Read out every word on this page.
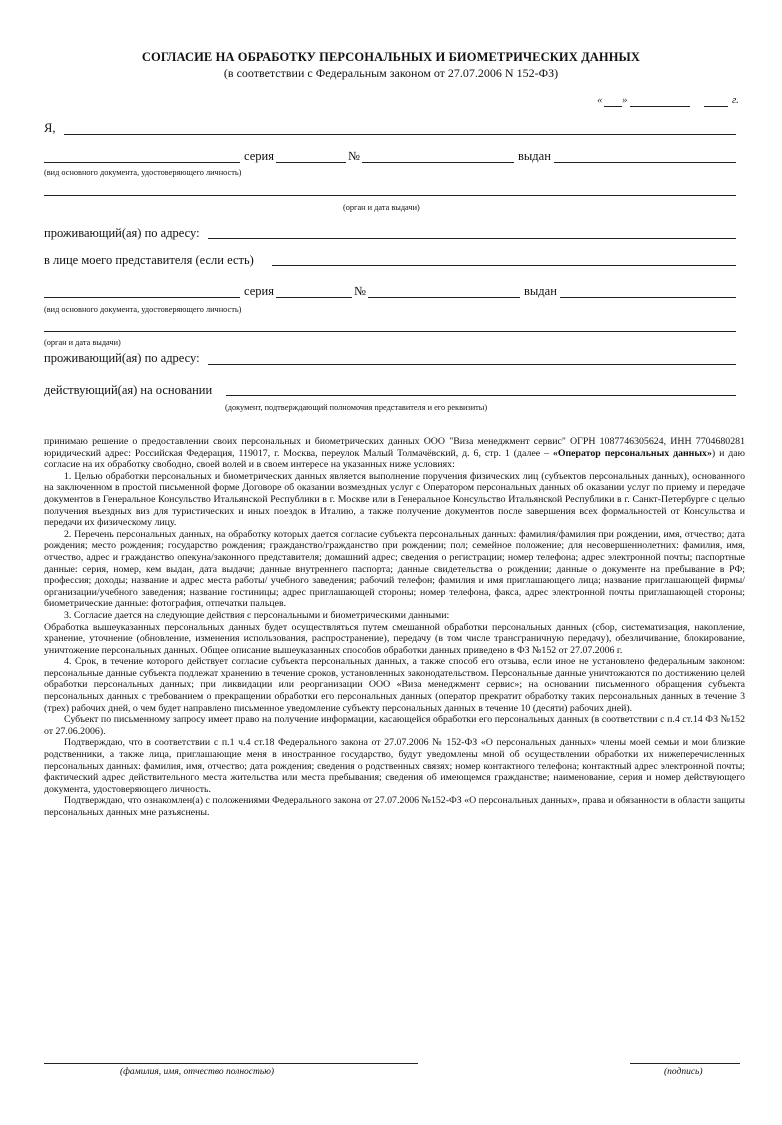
СОГЛАСИЕ НА ОБРАБОТКУ ПЕРСОНАЛЬНЫХ И БИОМЕТРИЧЕСКИХ ДАННЫХ
(в соответствии с Федеральным законом от 27.07.2006 N 152-ФЗ)
« »	г.
Я,
серия	№	выдан
(вид основного документа, удостоверяющего личность)
(орган и дата выдачи)
проживающий(ая) по адресу:
в лице моего представителя (если есть)
серия	№	выдан
(вид основного документа, удостоверяющего личность)
(орган и дата выдачи)
проживающий(ая) по адресу:
действующий(ая) на основании
(документ, подтверждающий полномочия представителя и его реквизиты)

принимаю решение о предоставлении своих персональных и биометрических данных ООО "Виза менеджмент сервис" ОГРН 1087746305624, ИНН 7704680281 юридический адрес: Российская Федерация, 119017, г. Москва, переулок Малый Толмачёвский, д. 6, стр. 1 (далее – «Оператор персональных данных») и даю согласие на их обработку свободно, своей волей и в своем интересе на указанных ниже условиях:

1. Целью обработки персональных и биометрических данных является выполнение поручения физических лиц (субъектов персональных данных), основанного на заключенном в простой письменной форме Договоре об оказании возмездных услуг с Оператором персональных данных об оказании услуг по приему и передаче документов в Генеральное Консульство Итальянской Республики в г. Москве или в Генеральное Консульство Итальянской Республики в г. Санкт-Петербурге с целью получения въездных виз для туристических и иных поездок в Италию, а также получение документов после завершения всех формальностей от Консульства и передачи их физическому лицу.

2. Перечень персональных данных, на обработку которых дается согласие субъекта персональных данных: фамилия/фамилия при рождении, имя, отчество; дата рождения; место рождения; государство рождения; гражданство/гражданство при рождении; пол; семейное положение; для несовершеннолетних: фамилия, имя, отчество, адрес и гражданство опекуна/законного представителя; домашний адрес; сведения о регистрации; номер телефона; адрес электронной почты; паспортные данные: серия, номер, кем выдан, дата выдачи; данные внутреннего паспорта; данные свидетельства о рождении; данные о документе на пребывание в РФ; профессия; доходы; название и адрес места работы/ учебного заведения; рабочий телефон; фамилия и имя приглашающего лица; название приглашающей фирмы/организации/учебного заведения; название гостиницы; адрес приглашающей стороны; номер телефона, факса, адрес электронной почты приглашающей стороны; биометрические данные: фотография, отпечатки пальцев.

3. Согласие дается на следующие действия с персональными и биометрическими данными:

Обработка вышеуказанных персональных данных будет осуществляться путем смешанной обработки персональных данных (сбор, систематизация, накопление, хранение, уточнение (обновление, изменения использования, распространение), передачу (в том числе трансграничную передачу), обезличивание, блокирование, уничтожение персональных данных. Общее описание вышеуказанных способов обработки данных приведено в ФЗ №152 от 27.07.2006 г.

4. Срок, в течение которого действует согласие субъекта персональных данных, а также способ его отзыва, если иное не установлено федеральным законом: персональные данные субъекта подлежат хранению в течение сроков, установленных законодательством. Персональные данные уничтожаются по достижению целей обработки персональных данных; при ликвидации или реорганизации ООО «Виза менеджмент сервис»; на основании письменного обращения субъекта персональных данных с требованием о прекращении обработки его персональных данных (оператор прекратит обработку таких персональных данных в течение 3 (трех) рабочих дней, о чем будет направлено письменное уведомление субъекту персональных данных в течение 10 (десяти) рабочих дней).

Субъект по письменному запросу имеет право на получение информации, касающейся обработки его персональных данных (в соответствии с п.4 ст.14 ФЗ №152 от 27.06.2006).

Подтверждаю, что в соответствии с п.1 ч.4 ст.18 Федерального закона от 27.07.2006 № 152-ФЗ «О персональных данных» члены моей семьи и мои близкие родственники, а также лица, приглашающие меня в иностранное государство, будут уведомлены мной об осуществлении обработки их нижеперечисленных персональных данных: фамилия, имя, отчество; дата рождения; сведения о родственных связях; номер контактного телефона; контактный адрес электронной почты; фактический адрес действительного места жительства или места пребывания; сведения об имеющемся гражданстве; наименование, серия и номер действующего документа, удостоверяющего личность.

Подтверждаю, что ознакомлен(а) с положениями Федерального закона от 27.07.2006 №152-ФЗ «О персональных данных», права и обязанности в области защиты персональных данных мне разъяснены.

(фамилия, имя, отчество полностью)	(подпись)
